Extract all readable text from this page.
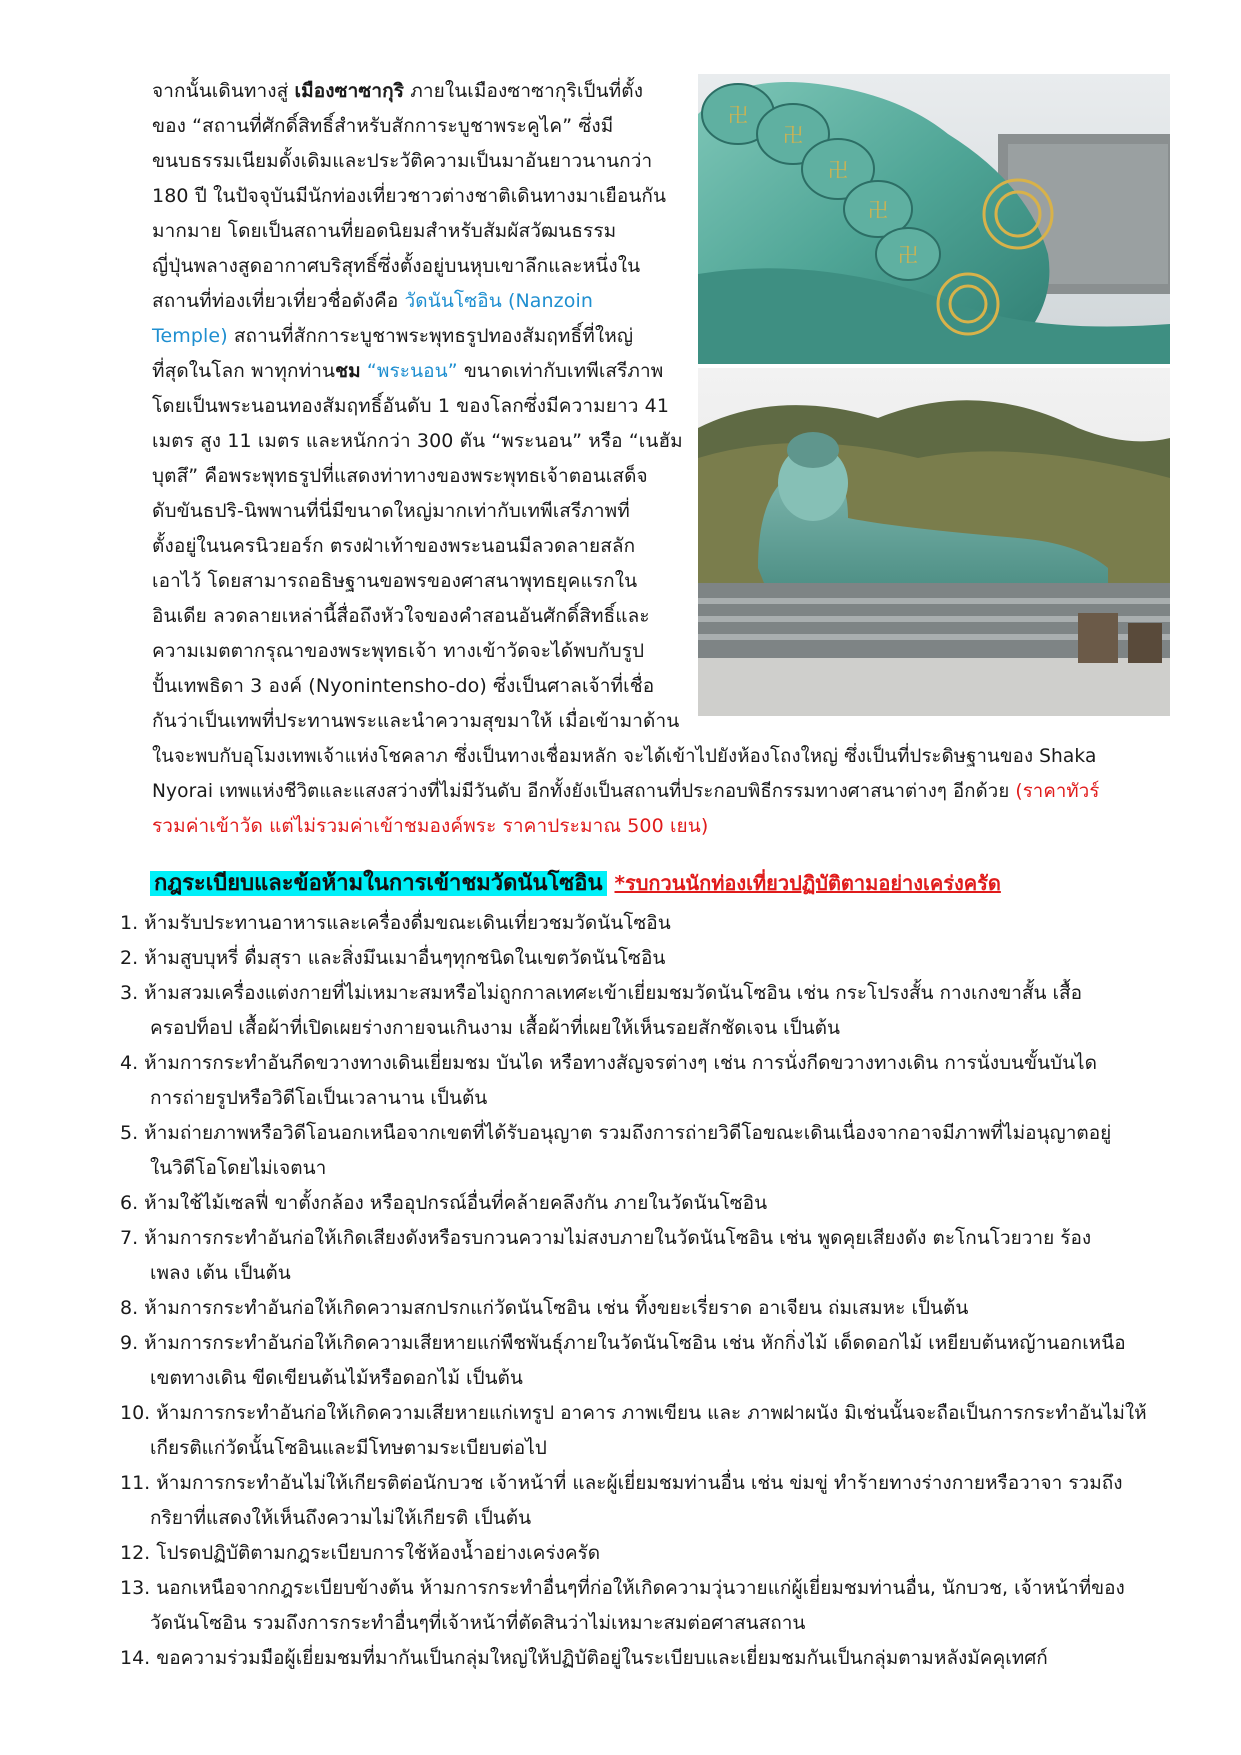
จากนั้นเดินทางสู่ เมืองซาซากุริ ภายในเมืองซาซากุริเป็นที่ตั้ง
ของ “สถานที่ศักดิ์สิทธิ์สำหรับสักการะบูชาพระคูไค” ซึ่งมี
ขนบธรรมเนียมดั้งเดิมและประวัติความเป็นมาอันยาวนานกว่า
180 ปี ในปัจจุบันมีนักท่องเที่ยวชาวต่างชาติเดินทางมาเยือนกัน
มากมาย โดยเป็นสถานที่ยอดนิยมสำหรับสัมผัสวัฒนธรรม
ญี่ปุ่นพลางสูดอากาศบริสุทธิ์ซึ่งตั้งอยู่บนหุบเขาลึกและหนึ่งใน
สถานที่ท่องเที่ยวเที่ยวชื่อดังคือ วัดนันโซอิน (Nanzoin
Temple) สถานที่สักการะบูชาพระพุทธรูปทองสัมฤทธิ์ที่ใหญ่
ที่สุดในโลก พาทุกท่านชม “พระนอน” ขนาดเท่ากับเทพีเสรีภาพ
โดยเป็นพระนอนทองสัมฤทธิ์อันดับ 1 ของโลกซึ่งมีความยาว 41
เมตร สูง 11 เมตร และหนักกว่า 300 ตัน “พระนอน” หรือ “เนฮัม
บุตสึ” คือพระพุทธรูปที่แสดงท่าทางของพระพุทธเจ้าตอนเสด็จ
ดับขันธปริ-นิพพานที่นี่มีขนาดใหญ่มากเท่ากับเทพีเสรีภาพที่
ตั้งอยู่ในนครนิวยอร์ก ตรงฝ่าเท้าของพระนอนมีลวดลายสลัก
เอาไว้ โดยสามารถอธิษฐานขอพรของศาสนาพุทธยุคแรกใน
อินเดีย ลวดลายเหล่านี้สื่อถึงหัวใจของคำสอนอันศักดิ์สิทธิ์และ
ความเมตตากรุณาของพระพุทธเจ้า ทางเข้าวัดจะได้พบกับรูป
ปั้นเทพธิดา 3 องค์ (Nyonintensho-do) ซึ่งเป็นศาลเจ้าที่เชื่อ
กันว่าเป็นเทพที่ประทานพระและนำความสุขมาให้ เมื่อเข้ามาด้าน
ในจะพบกับอุโมงเทพเจ้าแห่งโชคลาภ ซึ่งเป็นทางเชื่อมหลัก จะได้เข้าไปยังห้องโถงใหญ่ ซึ่งเป็นที่ประดิษฐานของ Shaka
Nyorai เทพแห่งชีวิตและแสงสว่างที่ไม่มีวันดับ อีกทั้งยังเป็นสถานที่ประกอบพิธีกรรมทางศาสนาต่างๆ อีกด้วย (ราคาทัวร์
รวมค่าเข้าวัด แต่ไม่รวมค่าเข้าชมองค์พระ ราคาประมาณ 500 เยน)
卍
卍
卍
卍
卍
กฎระเบียบและข้อห้ามในการเข้าชมวัดนันโซอิน *รบกวนนักท่องเที่ยวปฏิบัติตามอย่างเคร่งครัด
1. ห้ามรับประทานอาหารและเครื่องดื่มขณะเดินเที่ยวชมวัดนันโซอิน
2. ห้ามสูบบุหรี่ ดื่มสุรา และสิ่งมึนเมาอื่นๆทุกชนิดในเขตวัดนันโซอิน
3. ห้ามสวมเครื่องแต่งกายที่ไม่เหมาะสมหรือไม่ถูกกาลเทศะเข้าเยี่ยมชมวัดนันโซอิน เช่น กระโปรงสั้น กางเกงขาสั้น เสื้อ
ครอปท็อป เสื้อผ้าที่เปิดเผยร่างกายจนเกินงาม เสื้อผ้าที่เผยให้เห็นรอยสักชัดเจน เป็นต้น
4. ห้ามการกระทำอันกีดขวางทางเดินเยี่ยมชม บันได หรือทางสัญจรต่างๆ เช่น การนั่งกีดขวางทางเดิน การนั่งบนขั้นบันได
การถ่ายรูปหรือวิดีโอเป็นเวลานาน เป็นต้น
5. ห้ามถ่ายภาพหรือวิดีโอนอกเหนือจากเขตที่ได้รับอนุญาต รวมถึงการถ่ายวิดีโอขณะเดินเนื่องจากอาจมีภาพที่ไม่อนุญาตอยู่
ในวิดีโอโดยไม่เจตนา
6. ห้ามใช้ไม้เซลฟี่ ขาตั้งกล้อง หรืออุปกรณ์อื่นที่คล้ายคลึงกัน ภายในวัดนันโซอิน
7. ห้ามการกระทำอันก่อให้เกิดเสียงดังหรือรบกวนความไม่สงบภายในวัดนันโซอิน เช่น พูดคุยเสียงดัง ตะโกนโวยวาย ร้อง
เพลง เต้น เป็นต้น
8. ห้ามการกระทำอันก่อให้เกิดความสกปรกแก่วัดนันโซอิน เช่น ทิ้งขยะเรี่ยราด อาเจียน ถ่มเสมหะ เป็นต้น
9. ห้ามการกระทำอันก่อให้เกิดความเสียหายแก่พืชพันธุ์ภายในวัดนันโซอิน เช่น หักกิ่งไม้ เด็ดดอกไม้ เหยียบต้นหญ้านอกเหนือ
เขตทางเดิน ขีดเขียนต้นไม้หรือดอกไม้ เป็นต้น
10. ห้ามการกระทำอันก่อให้เกิดความเสียหายแก่เทรูป อาคาร ภาพเขียน และ ภาพฝาผนัง มิเช่นนั้นจะถือเป็นการกระทำอันไม่ให้
เกียรติแก่วัดนั้นโซอินและมีโทษตามระเบียบต่อไป
11. ห้ามการกระทำอันไม่ให้เกียรติต่อนักบวช เจ้าหน้าที่ และผู้เยี่ยมชมท่านอื่น เช่น ข่มขู่ ทำร้ายทางร่างกายหรือวาจา รวมถึง
กริยาที่แสดงให้เห็นถึงความไม่ให้เกียรติ เป็นต้น
12. โปรดปฏิบัติตามกฎระเบียบการใช้ห้องน้ำอย่างเคร่งครัด
13. นอกเหนือจากกฎระเบียบข้างต้น ห้ามการกระทำอื่นๆที่ก่อให้เกิดความวุ่นวายแก่ผู้เยี่ยมชมท่านอื่น, นักบวช, เจ้าหน้าที่ของ
วัดนันโซอิน รวมถึงการกระทำอื่นๆที่เจ้าหน้าที่ตัดสินว่าไม่เหมาะสมต่อศาสนสถาน
14. ขอความร่วมมือผู้เยี่ยมชมที่มากันเป็นกลุ่มใหญ่ให้ปฏิบัติอยู่ในระเบียบและเยี่ยมชมกันเป็นกลุ่มตามหลังมัคคุเทศก์
